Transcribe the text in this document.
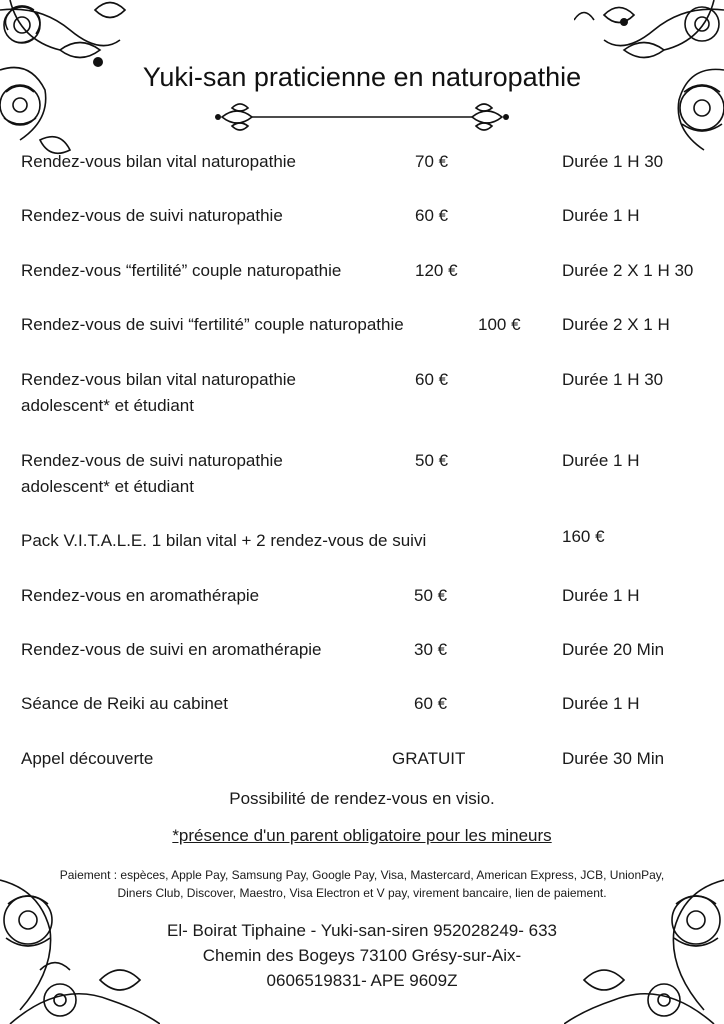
Yuki-san praticienne en naturopathie
Rendez-vous bilan vital naturopathie	70 €	Durée 1 H 30
Rendez-vous de suivi naturopathie	60 €	Durée 1 H
Rendez-vous “fertilité” couple naturopathie	120 €	Durée 2 X 1 H 30
Rendez-vous de suivi “fertilité” couple naturopathie	100 € Durée 2 X 1 H
Rendez-vous bilan vital naturopathie
adolescent* et étudiant
60 €	Durée 1 H 30
Rendez-vous de suivi naturopathie
adolescent* et étudiant
50 €	Durée 1 H
Pack V.I.T.A.L.E. 1 bilan vital + 2 rendez-vous de suivi	160 €
Rendez-vous en aromathérapie	50 €	Durée 1 H
Rendez-vous de suivi en aromathérapie	30 €	Durée 20 Min
Séance de Reiki au cabinet	60 €	Durée 1 H
Appel découverte	GRATUIT	Durée 30 Min
Possibilité de rendez-vous en visio.
*présence d'un parent obligatoire pour les mineurs
Paiement : espèces, Apple Pay, Samsung Pay, Google Pay, Visa, Mastercard, American Express, JCB, UnionPay,
Diners Club, Discover, Maestro, Visa Electron et V pay, virement bancaire, lien de paiement.
El- Boirat Tiphaine - Yuki-san-siren 952028249- 633
Chemin des Bogeys 73100 Grésy-sur-Aix-
0606519831- APE 9609Z
